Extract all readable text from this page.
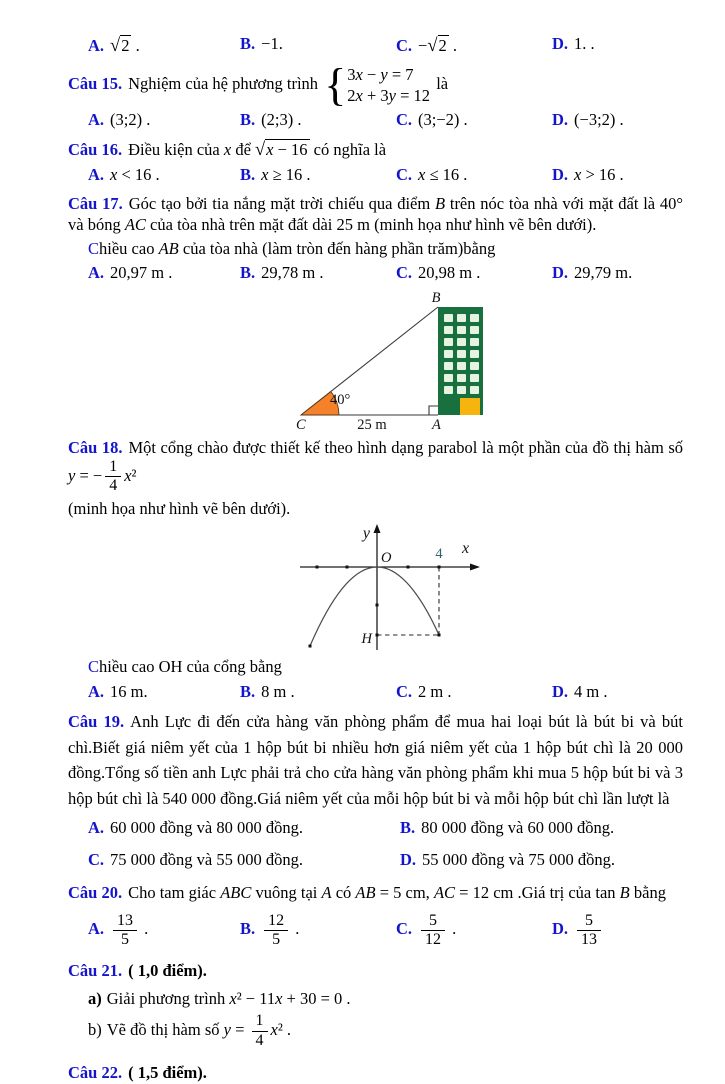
A. √2 .	B. −1.	C. −√2 .	D. 1. .

Câu 15. Nghiệm của hệ phương trình { 3x − y = 7
2x + 3y = 12
là

A. (3;2) .	B. (2;3) .	C. (3;−2) .	D. (−3;2) .

Câu 16. Điều kiện của x để √x − 16 có nghĩa là

A. x < 16 .	B. x ≥ 16 .	C. x ≤ 16 .	D. x > 16 .

Câu 17. Góc tạo bởi tia nắng mặt trời chiếu qua điểm B trên nóc tòa nhà với mặt đất là 40° và bóng AC của tòa nhà trên mặt đất dài 25 m (minh họa như hình vẽ bên dưới).

Chiều cao AB của tòa nhà (làm tròn đến hàng phần trăm)bằng

A. 20,97 m .	B. 29,78 m .	C. 20,98 m .	D. 29,79 m.
40°
C	A
B
25 m

Câu 18. Một cổng chào được thiết kế theo hình dạng parabol là một phần của đồ thị hàm số y = − $\frac{1}{4} x^2$

(minh họa như hình vẽ bên dưới).

y
x
O	4
H

Chiều cao OH của cổng bằng

A. 16 m.	B. 8 m .	C. 2 m .	D. 4 m .

Câu 19. Anh Lực đi đến cửa hàng văn phòng phẩm để mua hai loại bút là bút bi và bút chì.Biết giá niêm yết của 1 hộp bút bi nhiều hơn giá niêm yết của 1 hộp bút chì là 20 000 đồng.Tổng số tiền anh Lực phải trả cho cửa hàng văn phòng phẩm khi mua 5 hộp bút bi và 3 hộp bút chì là 540 000 đồng.Giá niêm yết của mỗi hộp bút bi và mỗi hộp bút chì lần lượt là

A. 60 000 đồng và 80 000 đồng.	B. 80 000 đồng và 60 000 đồng.
C. 75 000 đồng và 55 000 đồng.	D. 55 000 đồng và 75 000 đồng.

Câu 20. Cho tam giác ABC vuông tại A có AB = 5 cm, AC = 12 cm .Giá trị của tan B bằng

A. $\frac{13}{5}$ .	B. $\frac{12}{5}$ .	C. $\frac{5}{12}$ .	D. $\frac{5}{13}$

Câu 21. ( 1,0 điểm).

a) Giải phương trình x² − 11x + 30 = 0 .

b) Vẽ đồ thị hàm số $y = \frac{1}{4} x^2$ .

Câu 22. ( 1,5 điểm).
